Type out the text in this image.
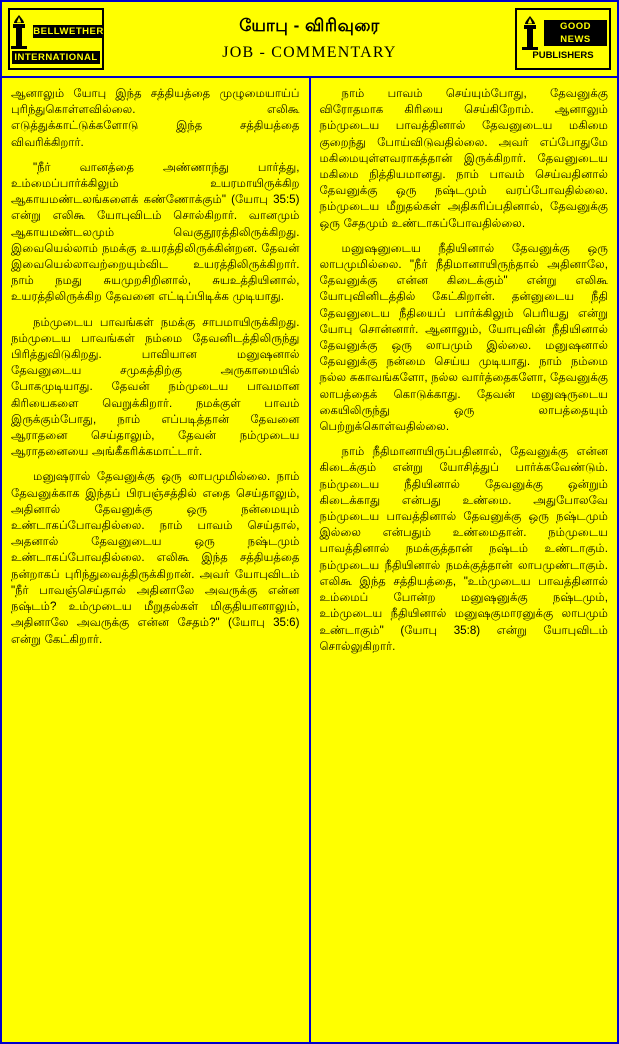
BELLWETHER
INTERNATIONAL
யோபு - விரிவுரை
JOB - COMMENTARY
GOOD NEWS
PUBLISHERS

ஆனாலும் யோபு இந்த சத்தியத்தை முழுமையாய்ப் புரிந்துகொள்ளவில்லை. எலிகூ எடுத்துக்காட்டுக்களோடு இந்த சத்தியத்தை விவரிக்கிறார்.

"நீர் வானத்தை அண்ணாந்து பார்த்து, உம்மைப்பார்க்கிலும் உயரமாயிருக்கிற ஆகாயமண்டலங்களைக் கண்ணோக்கும்" (யோபு 35:5) என்று எலிகூ யோபுவிடம் சொல்கிறார். வானமும் ஆகாயமண்டலமும் வெகுதூரத்திலிருக்கிறது. இவையெல்லாம் நமக்கு உயரத்திலிருக்கின்றன. தேவன் இவையெல்லாவற்றையும்விட உயரத்திலிருக்கிறார். நாம் நமது சுயமுறசிறினால், சுயஉத்தியினால், உயரத்திலிருக்கிற தேவனை எட்டிப்பிடிக்க முடியாது.

நம்முடைய பாவங்கள் நமக்கு சாபமாயிருக்கிறது. நம்முடைய பாவங்கள் நம்மை தேவனிடத்திலிருந்து பிரித்துவிடுகிறது. பாவியான மனுஷனால் தேவனுடைய சமுகத்திற்கு அருகாமையில் போகமுடியாது. தேவன் நம்முடைய பாவமான கிரியைகளை வெறுக்கிறார். நமக்குள் பாவம் இருக்கும்போது, நாம் எப்படித்தான் தேவனை ஆராதனை செய்தாலும், தேவன் நம்முடைய ஆராதனையை அங்கீகரிக்கமாட்டார்.

மனுஷரால் தேவனுக்கு ஒரு லாபமுமில்லை. நாம் தேவனுக்காக இந்தப் பிரபஞ்சத்தில் எதை செய்தாலும், அதினால் தேவனுக்கு ஒரு நன்மையும் உண்டாகப்போவதில்லை. நாம் பாவம் செய்தால், அதனால் தேவனுடைய ஒரு நஷ்டமும் உண்டாகப்போவதில்லை. எலிகூ இந்த சத்தியத்தை நன்றாகப் புரிந்துவைத்திருக்கிறான். அவர் யோபுவிடம் "நீர் பாவஞ்செய்தால் அதினாலே அவருக்கு என்ன நஷ்டம்? உம்முடைய மீறுதல்கள் மிகுதியானாலும், அதினாலே அவருக்கு என்ன சேதம்?" (யோபு 35:6) என்று கேட்கிறார்.

நாம் பாவம் செய்யும்போது, தேவனுக்கு விரோதமாக கிரியை செய்கிறோம். ஆனாலும் நம்முடைய பாவத்தினால் தேவனுடைய மகிமை குறைந்து போய்விடுவதில்லை. அவர் எப்போதுமே மகிமையுள்ளவராகத்தான் இருக்கிறார். தேவனுடைய மகிமை நித்தியமானது. நாம் பாவம் செய்வதினால் தேவனுக்கு ஒரு நஷ்டமும் வரப்போவதில்லை. நம்முடைய மீறுதல்கள் அதிகரிப்பதினால், தேவனுக்கு ஒரு சேதமும் உண்டாகப்போவதில்லை.

மனுஷனுடைய நீதியினால் தேவனுக்கு ஒரு லாபமுமில்லை. "நீர் நீதிமானாயிருந்தால் அதினாலே, தேவனுக்கு என்ன கிடைக்கும்" என்று எலிகூ யோபுவினிடத்தில் கேட்கிறான். தன்னுடைய நீதி தேவனுடைய நீதியைப் பார்க்கிலும் பெரியது என்று யோபு சொன்னார். ஆனாலும், யோபுவின் நீதியினால் தேவனுக்கு ஒரு லாபமும் இல்லை. மனுஷனால் தேவனுக்கு நன்மை செய்ய முடியாது. நாம் நம்மை நல்ல சுகாவங்களோ, நல்ல வார்த்தைகளோ, தேவனுக்கு லாபத்தைக் கொடுக்காது. தேவன் மனுஷருடைய கையிலிருந்து ஒரு லாபத்தையும் பெற்றுக்கொள்வதில்லை.

நாம் நீதிமானாயிருப்பதினால், தேவனுக்கு என்ன கிடைக்கும் என்று யோசித்துப் பார்க்கவேண்டும். நம்முடைய நீதியினால் தேவனுக்கு ஒன்றும் கிடைக்காது என்பது உண்மை. அதுபோலவே நம்முடைய பாவத்தினால் தேவனுக்கு ஒரு நஷ்டமும் இல்லை என்பதும் உண்மைதான். நம்முடைய பாவத்தினால் நமக்குத்தான் நஷ்டம் உண்டாகும். நம்முடைய நீதியினால் நமக்குத்தான் லாபமுண்டாகும். எலிகூ இந்த சத்தியத்தை, "உம்முடைய பாவத்தினால் உம்மைப் போன்ற மனுஷனுக்கு நஷ்டமும், உம்முடைய நீதியினால் மனுஷகுமாரனுக்கு லாபமும் உண்டாகும்" (யோபு 35:8) என்று யோபுவிடம் சொல்லுகிறார்.
